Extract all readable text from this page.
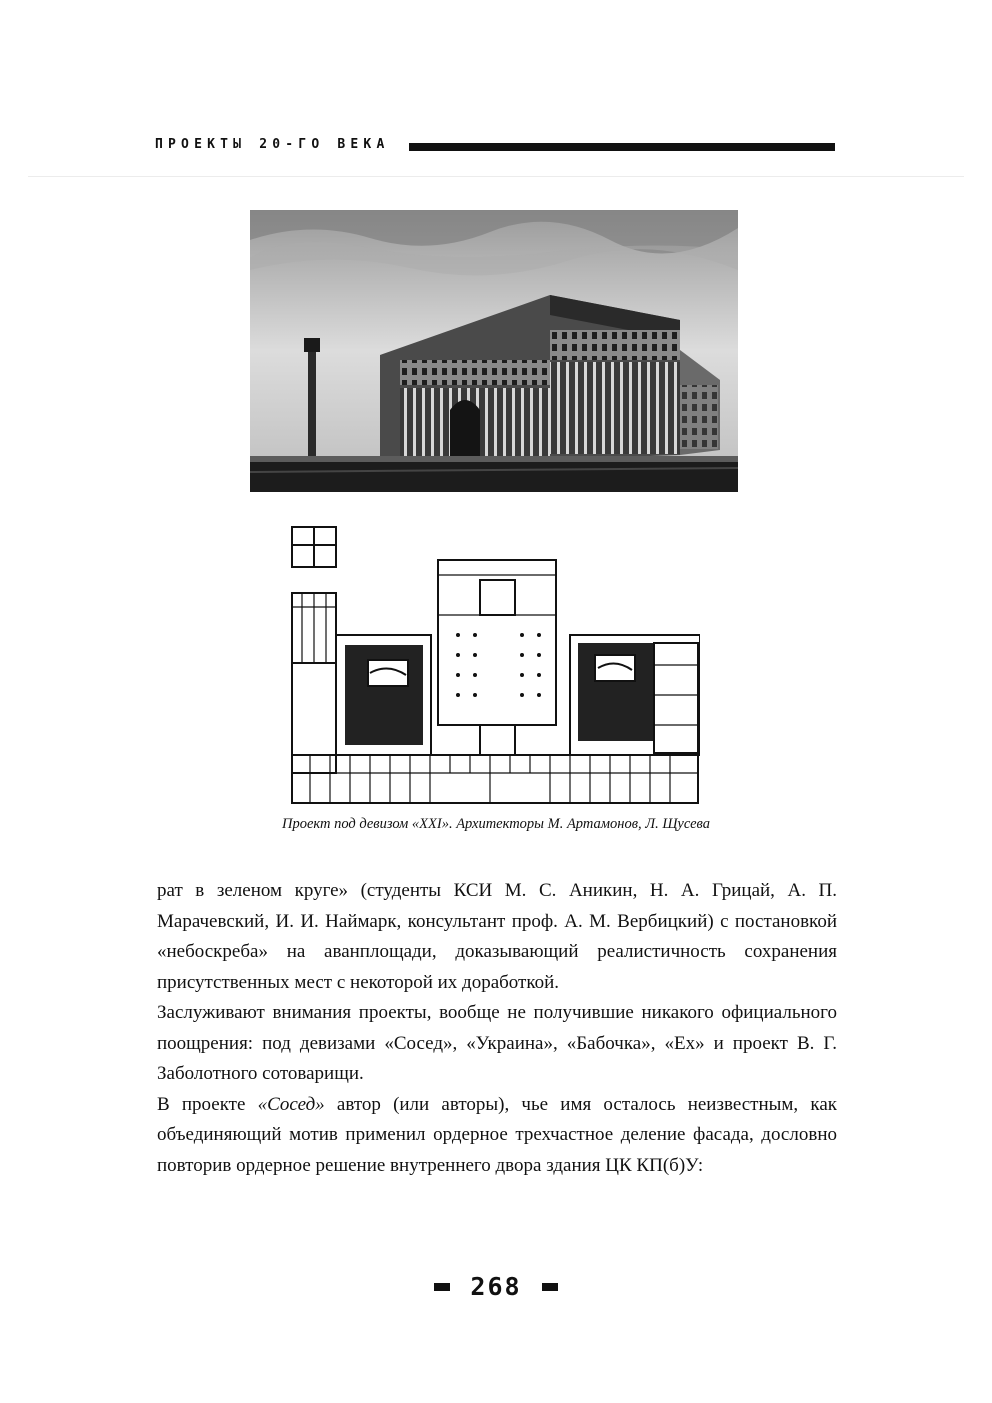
ПРОЕКТЫ 20-ГО ВЕКА
Проект под девизом «XXI». Архитекторы М. Артамонов, Л. Щусева

рат в зеленом круге» (студенты КСИ М. С. Аникин, Н. А. Грицай, А. П. Марачевский, И. И. Наймарк, консультант проф. А. М. Вербицкий) с постановкой «небоскреба» на аванплощади, доказывающий реалистичность сохранения присутственных мест с некоторой их доработкой.

Заслуживают внимания проекты, вообще не получившие никакого официального поощрения: под девизами «Сосед», «Украина», «Бабочка», «Ех» и проект В. Г. Заболотного сотоварищи.

В проекте «Сосед» автор (или авторы), чье имя осталось неизвестным, как объединяющий мотив применил ордерное трехчастное деление фасада, дословно повторив ордерное решение внутреннего двора здания ЦК КП(б)У:

268
